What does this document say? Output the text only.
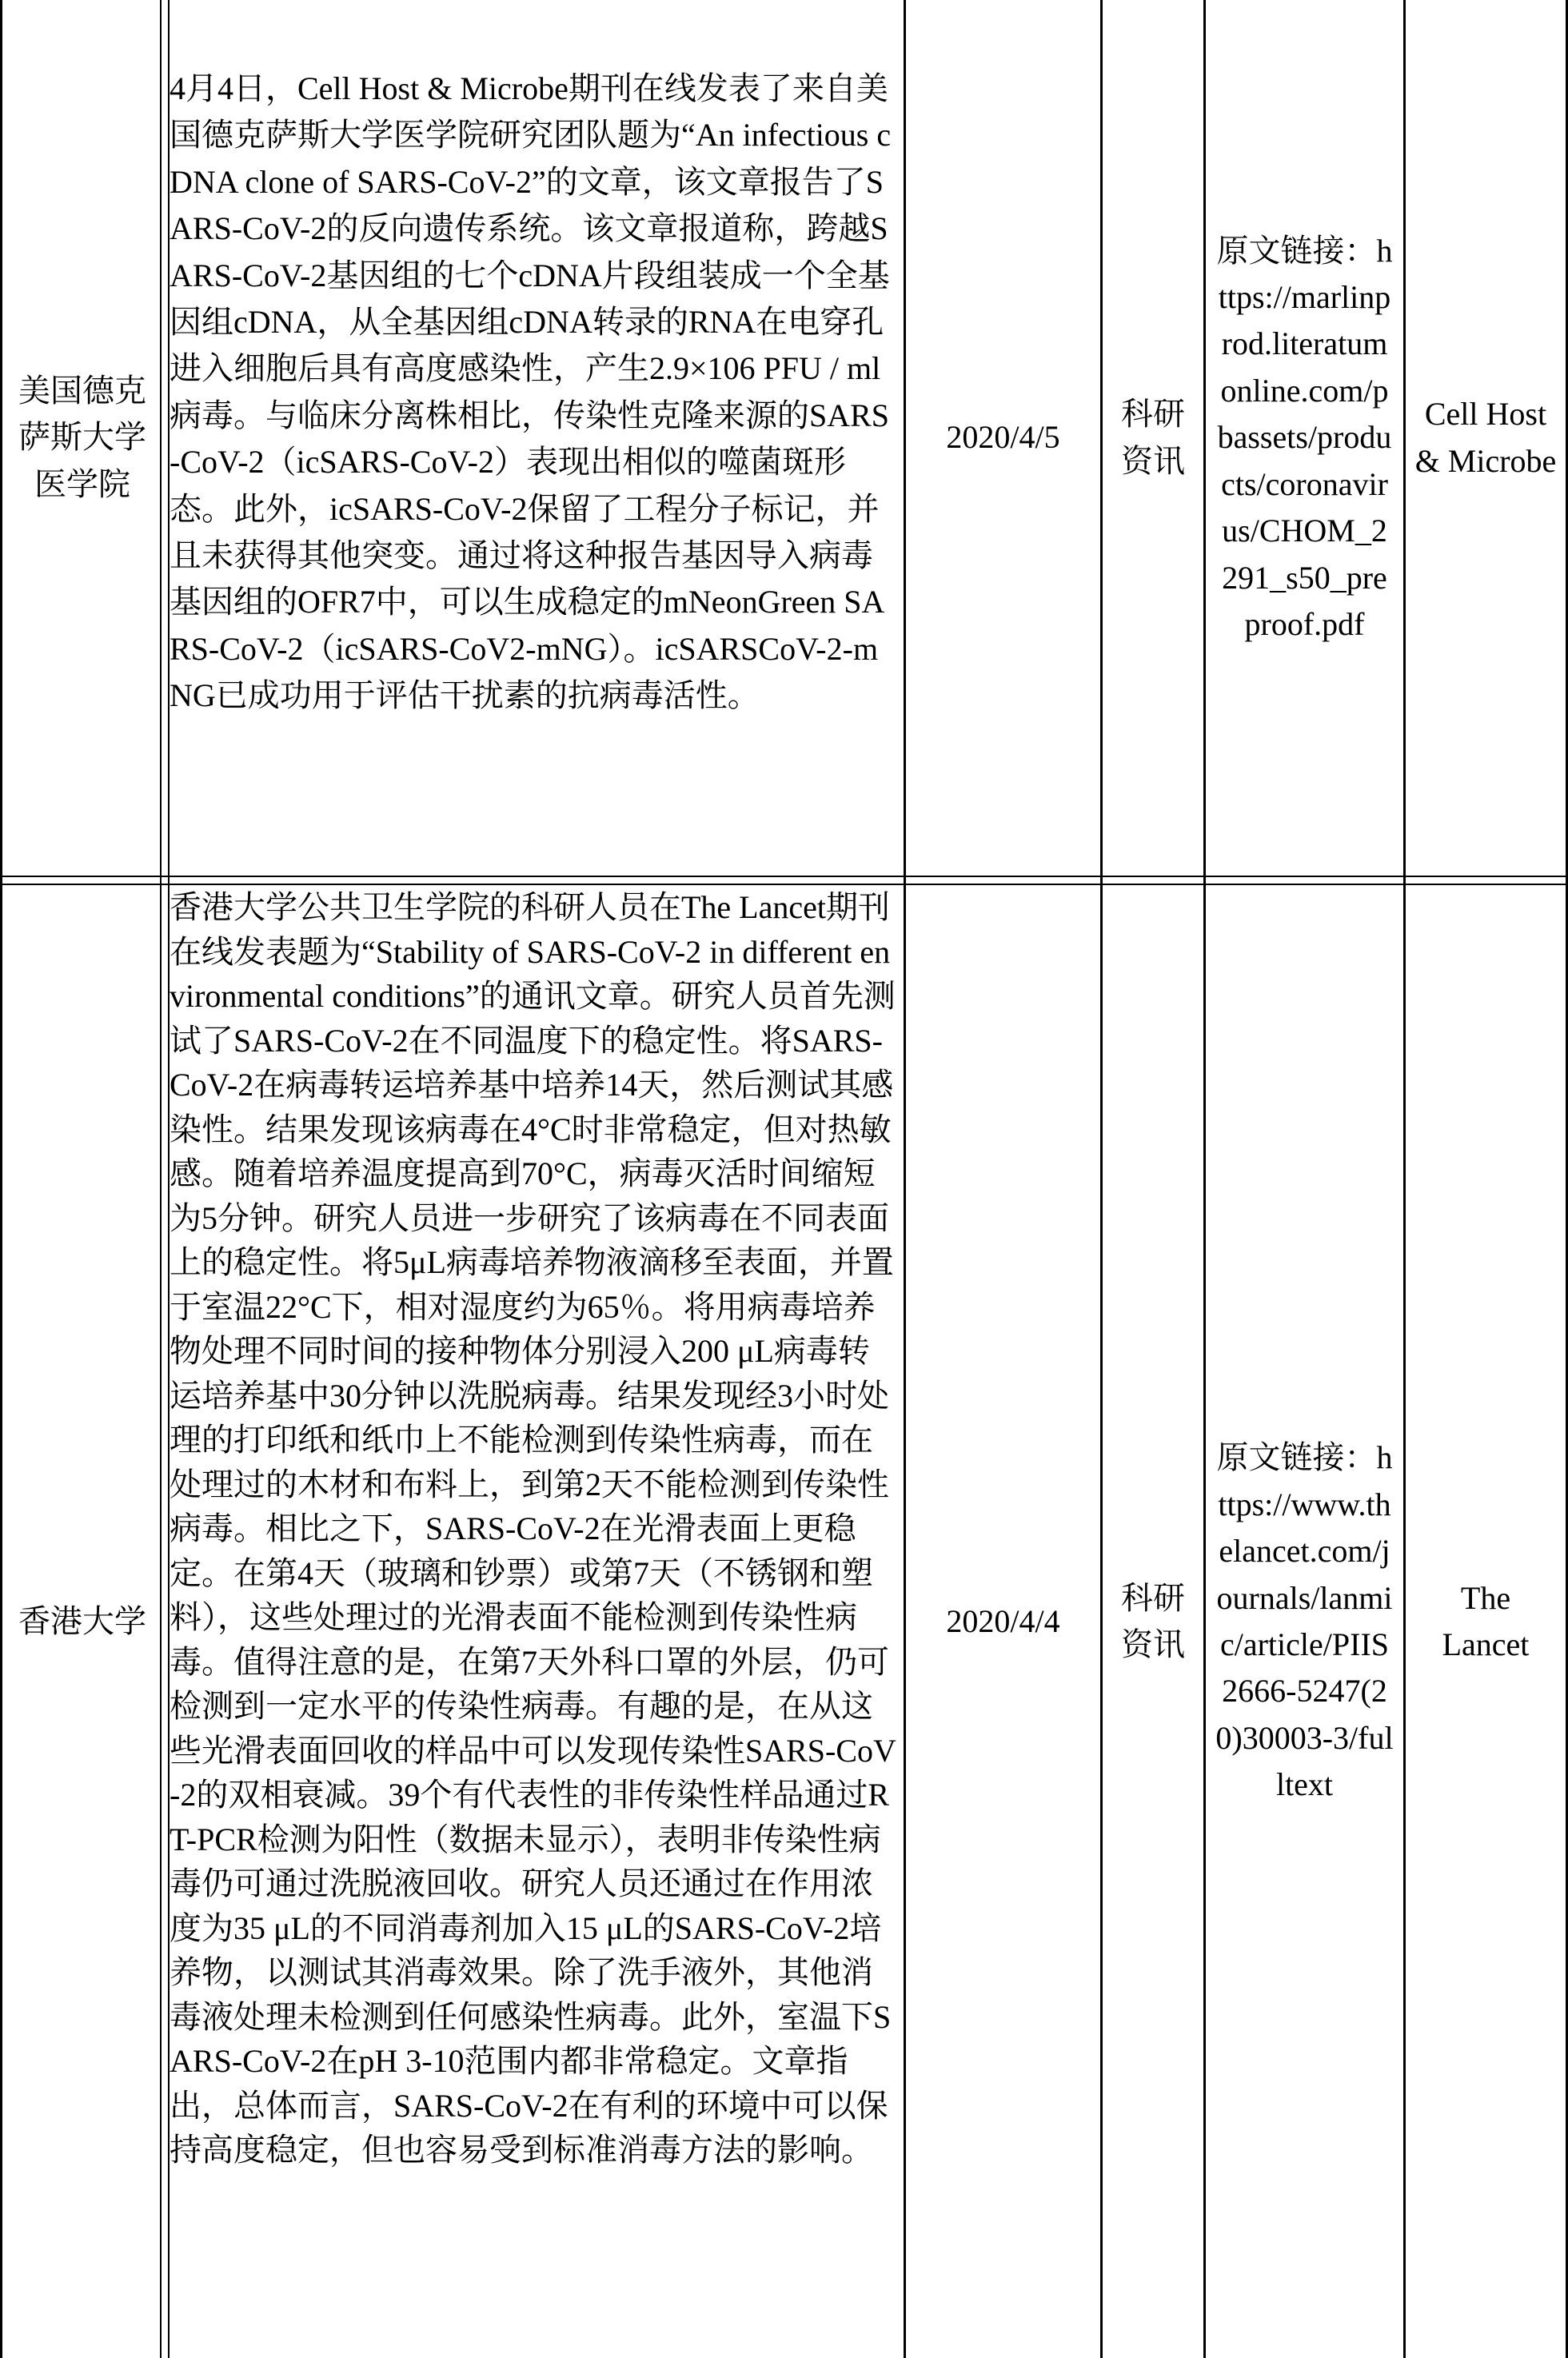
美国德克萨斯大学医学院
4月4日，Cell Host & Microbe期刊在线发表了来自美国德克萨斯大学医学院研究团队题为“An infectious cDNA clone of SARS-CoV-2”的文章，该文章报告了SARS-CoV-2的反向遗传系统。该文章报道称，跨越SARS-CoV-2基因组的七个cDNA片段组装成一个全基因组cDNA，从全基因组cDNA转录的RNA在电穿孔进入细胞后具有高度感染性，产生2.9×106 PFU / ml病毒。与临床分离株相比，传染性克隆来源的SARS-CoV-2（icSARS-CoV-2）表现出相似的噬菌斑形态。此外，icSARS-CoV-2保留了工程分子标记，并且未获得其他突变。通过将这种报告基因导入病毒基因组的OFR7中，可以生成稳定的mNeonGreen SARS-CoV-2（icSARS-CoV2-mNG）。icSARSCoV-2-mNG已成功用于评估干扰素的抗病毒活性。
2020/4/5
科研资讯
原文链接：https://marlinprod.literatumonline.com/pbassets/products/coronavirus/CHOM_2291_s50_preproof.pdf
Cell Host & Microbe
香港大学
香港大学公共卫生学院的科研人员在The Lancet期刊在线发表题为“Stability of SARS-CoV-2 in different environmental conditions”的通讯文章。研究人员首先测试了SARS-CoV-2在不同温度下的稳定性。将SARS-CoV-2在病毒转运培养基中培养14天，然后测试其感染性。结果发现该病毒在4°C时非常稳定，但对热敏感。随着培养温度提高到70°C，病毒灭活时间缩短为5分钟。研究人员进一步研究了该病毒在不同表面上的稳定性。将5μL病毒培养物液滴移至表面，并置于室温22°C下，相对湿度约为65％。将用病毒培养物处理不同时间的接种物体分别浸入200 μL病毒转运培养基中30分钟以洗脱病毒。结果发现经3小时处理的打印纸和纸巾上不能检测到传染性病毒，而在处理过的木材和布料上，到第2天不能检测到传染性病毒。相比之下，SARS-CoV-2在光滑表面上更稳定。在第4天（玻璃和钞票）或第7天（不锈钢和塑料），这些处理过的光滑表面不能检测到传染性病毒。值得注意的是，在第7天外科口罩的外层，仍可检测到一定水平的传染性病毒。有趣的是，在从这些光滑表面回收的样品中可以发现传染性SARS-CoV-2的双相衰减。39个有代表性的非传染性样品通过RT-PCR检测为阳性（数据未显示），表明非传染性病毒仍可通过洗脱液回收。研究人员还通过在作用浓度为35 μL的不同消毒剂加入15 μL的SARS-CoV-2培养物，以测试其消毒效果。除了洗手液外，其他消毒液处理未检测到任何感染性病毒。此外，室温下SARS-CoV-2在pH 3-10范围内都非常稳定。文章指出，总体而言，SARS-CoV-2在有利的环境中可以保持高度稳定，但也容易受到标准消毒方法的影响。
2020/4/4
科研资讯
原文链接：https://www.thelancet.com/journals/lanmic/article/PIIS2666-5247(20)30003-3/fulltext
The Lancet
